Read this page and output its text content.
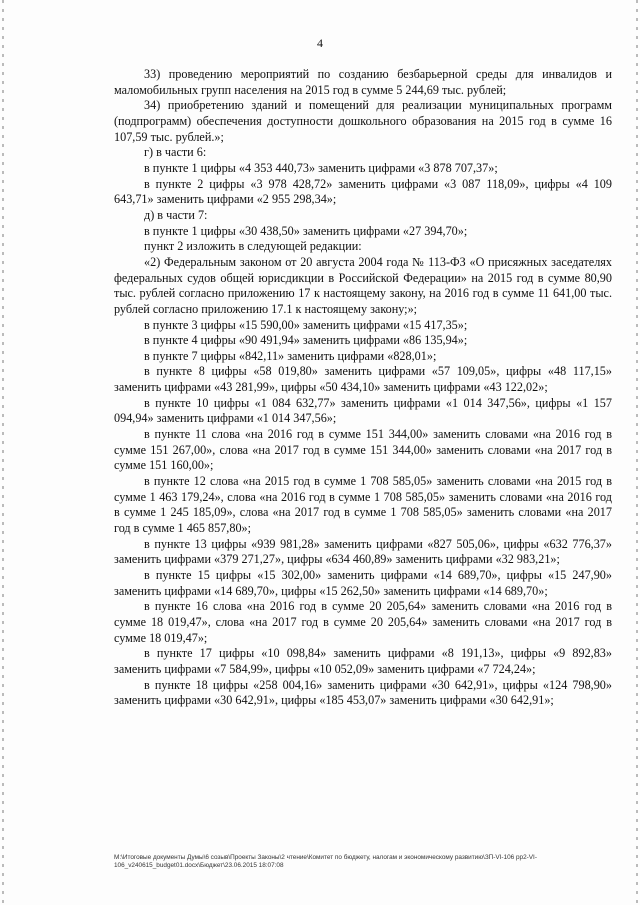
4

33) проведению мероприятий по созданию безбарьерной среды для инвалидов и маломобильных групп населения на 2015 год в сумме 5 244,69 тыс. рублей;

34) приобретению зданий и помещений для реализации муниципальных программ (подпрограмм) обеспечения доступности дошкольного образования на 2015 год в сумме 16 107,59 тыс. рублей.»;

г) в части 6:

в пункте 1 цифры «4 353 440,73» заменить цифрами «3 878 707,37»;

в пункте 2 цифры «3 978 428,72» заменить цифрами «3 087 118,09», цифры «4 109 643,71» заменить цифрами «2 955 298,34»;

д) в части 7:

в пункте 1 цифры «30 438,50» заменить цифрами «27 394,70»;

пункт 2 изложить в следующей редакции:

«2) Федеральным законом от 20 августа 2004 года № 113-ФЗ «О присяжных заседателях федеральных судов общей юрисдикции в Российской Федерации» на 2015 год в сумме 80,90 тыс. рублей согласно приложению 17 к настоящему закону, на 2016 год в сумме 11 641,00 тыс. рублей согласно приложению 17.1 к настоящему закону;»;

в пункте 3 цифры «15 590,00» заменить цифрами «15 417,35»;

в пункте 4 цифры «90 491,94» заменить цифрами «86 135,94»;

в пункте 7 цифры «842,11» заменить цифрами «828,01»;

в пункте 8 цифры «58 019,80» заменить цифрами «57 109,05», цифры «48 117,15» заменить цифрами «43 281,99», цифры «50 434,10» заменить цифрами «43 122,02»;

в пункте 10 цифры «1 084 632,77» заменить цифрами «1 014 347,56», цифры «1 157 094,94» заменить цифрами «1 014 347,56»;

в пункте 11 слова «на 2016 год в сумме 151 344,00» заменить словами «на 2016 год в сумме 151 267,00», слова «на 2017 год в сумме 151 344,00» заменить словами «на 2017 год в сумме 151 160,00»;

в пункте 12 слова «на 2015 год в сумме 1 708 585,05» заменить словами «на 2015 год в сумме 1 463 179,24», слова «на 2016 год в сумме 1 708 585,05» заменить словами «на 2016 год в сумме 1 245 185,09», слова «на 2017 год в сумме 1 708 585,05» заменить словами «на 2017 год в сумме 1 465 857,80»;

в пункте 13 цифры «939 981,28» заменить цифрами «827 505,06», цифры «632 776,37» заменить цифрами «379 271,27», цифры «634 460,89» заменить цифрами «32 983,21»;

в пункте 15 цифры «15 302,00» заменить цифрами «14 689,70», цифры «15 247,90» заменить цифрами «14 689,70», цифры «15 262,50» заменить цифрами «14 689,70»;

в пункте 16 слова «на 2016 год в сумме 20 205,64» заменить словами «на 2016 год в сумме 18 019,47», слова «на 2017 год в сумме 20 205,64» заменить словами «на 2017 год в сумме 18 019,47»;

в пункте 17 цифры «10 098,84» заменить цифрами «8 191,13», цифры «9 892,83» заменить цифрами «7 584,99», цифры «10 052,09» заменить цифрами «7 724,24»;

в пункте 18 цифры «258 004,16» заменить цифрами «30 642,91», цифры «124 798,90» заменить цифрами «30 642,91», цифры «185 453,07» заменить цифрами «30 642,91»;

М:\Итоговые документы Думы\6 созыв\Проекты Законы\2 чтение\Комитет по бюджету, налогам и экономическому развитию\ЗП-VI-106 рр2-VI-106_v240615_budget01.docx\Бюджет\23.06.2015 18:07:08
